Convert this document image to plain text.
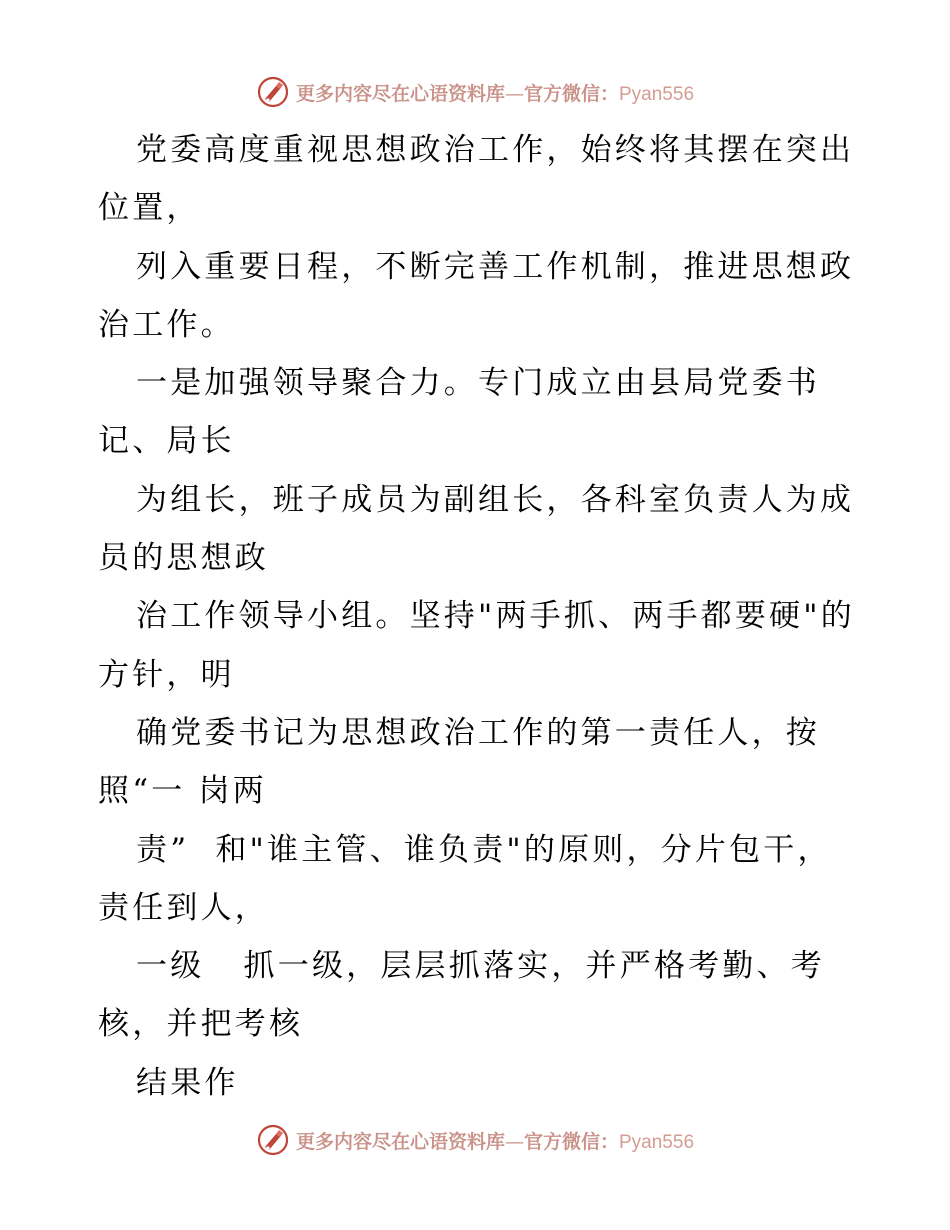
更多内容尽在心语资料库—官方微信：Pyan556
党委高度重视思想政治工作，始终将其摆在突出
位置，
列入重要日程，不断完善工作机制，推进思想政
治工作。
一是加强领导聚合力。专门成立由县局党委书
记、局长
为组长，班子成员为副组长，各科室负责人为成
员的思想政
治工作领导小组。坚持"两手抓、两手都要硬"的
方针，明
确党委书记为思想政治工作的第一责任人，按
照“一 岗两
责”  和"谁主管、谁负责"的原则，分片包干，
责任到人，
一级   抓一级，层层抓落实，并严格考勤、考
核，并把考核
结果作
更多内容尽在心语资料库—官方微信：Pyan556
